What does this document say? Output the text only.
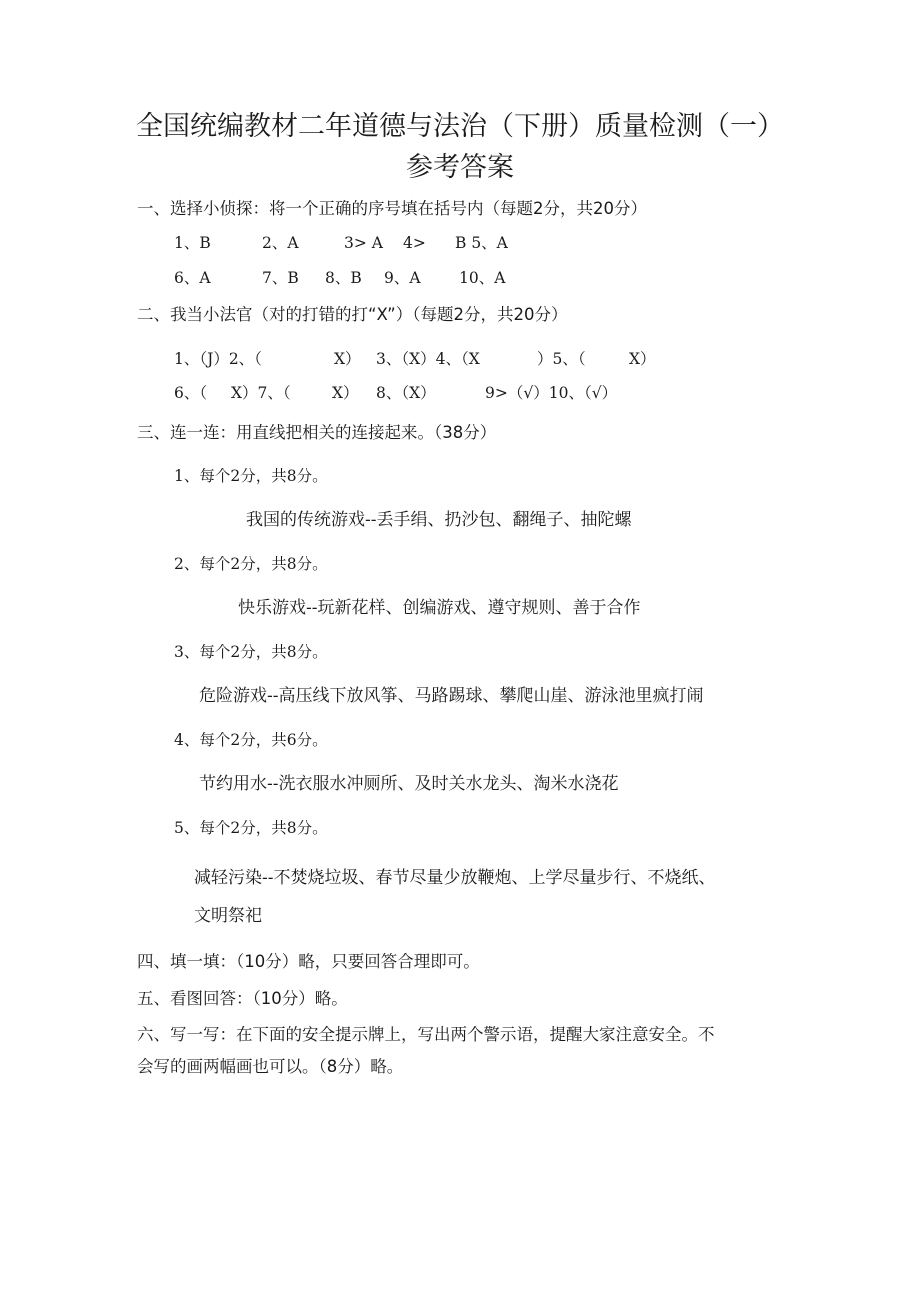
全国统编教材二年道德与法治（下册）质量检测（一）
参考答案
一、选择小侦探：将一个正确的序号填在括号内（每题2分，共20分）
1、B	2、A	3> A 4> B 5、A
6、A	7、B 8、B 9、A 10、A
二、我当小法官（对的打错的打“X”）（每题2分，共20分）
1、（J）2、（	X） 3、（X）4、（X	）5、（	X）
6、（ X）7、（	X） 8、（X）	9>（√）10、（√）
三、连一连：用直线把相关的连接起来。（38分）
1、每个2分，共8分。
我国的传统游戏--丢手绢、扔沙包、翻绳子、抽陀螺
2、每个2分，共8分。
快乐游戏--玩新花样、创编游戏、遵守规则、善于合作
3、每个2分，共8分。
危险游戏--高压线下放风筝、马路踢球、攀爬山崖、游泳池里疯打闹
4、每个2分，共6分。
节约用水--洗衣服水冲厕所、及时关水龙头、淘米水浇花
5、每个2分，共8分。
减轻污染--不焚烧垃圾、春节尽量少放鞭炮、上学尽量步行、不烧纸、
文明祭祀
四、填一填：（10分）略，只要回答合理即可。
五、看图回答：（10分）略。
六、写一写：在下面的安全提示牌上，写出两个警示语，提醒大家注意安全。不
会写的画两幅画也可以。（8分）略。
